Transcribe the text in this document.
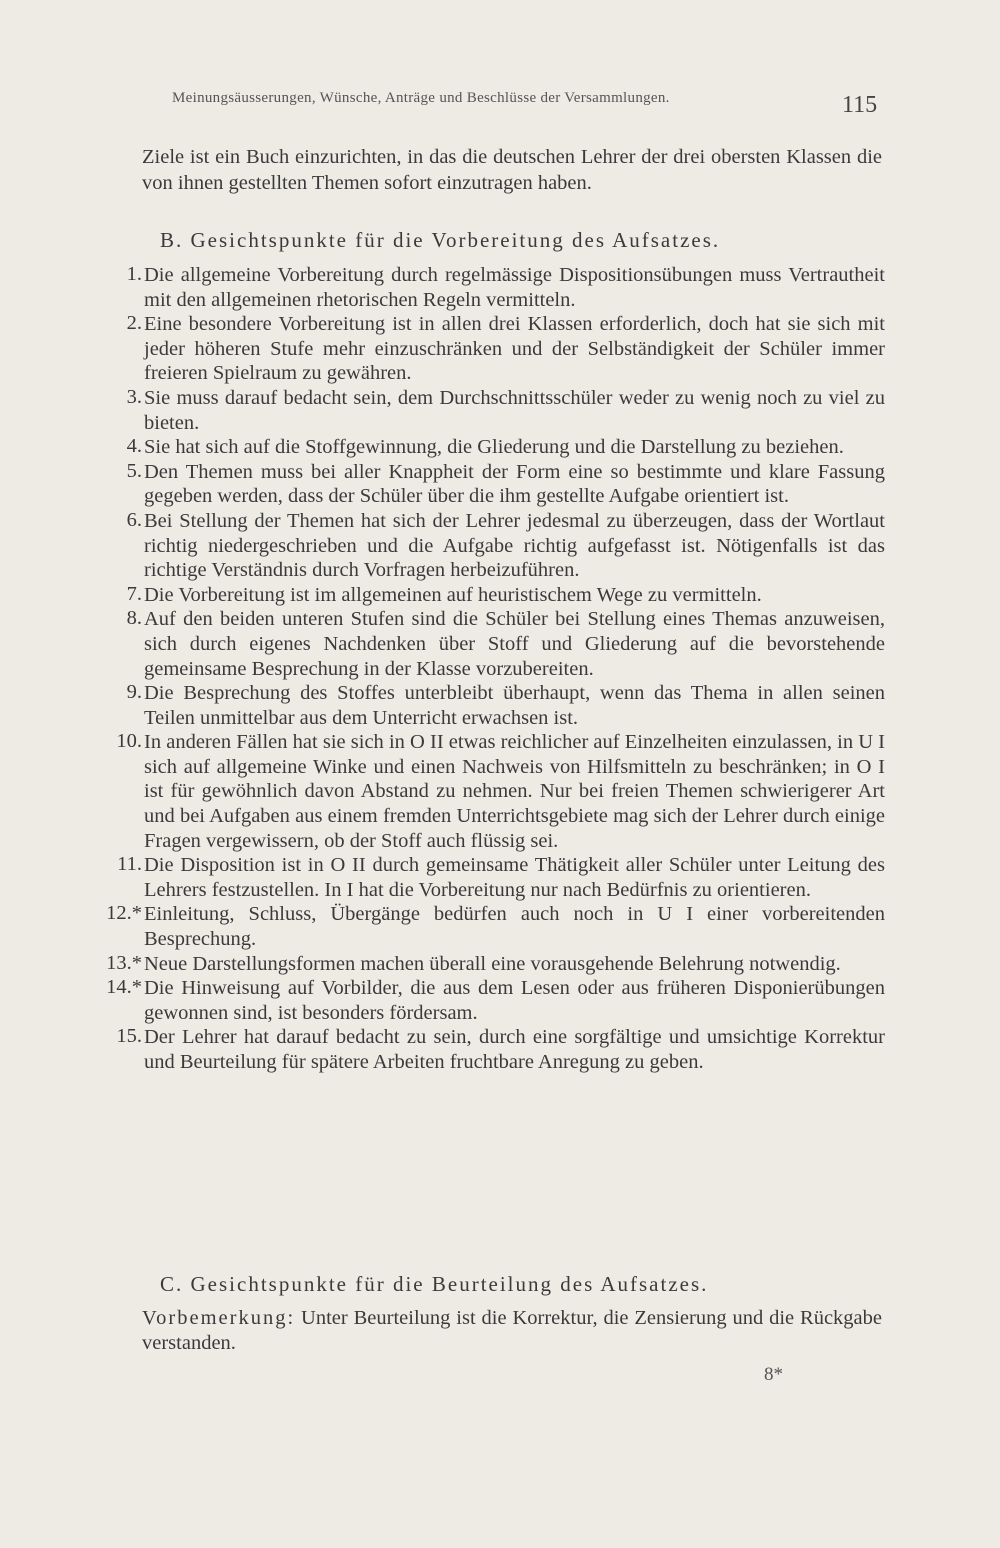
Meinungsäusserungen, Wünsche, Anträge und Beschlüsse der Versammlungen.	115
Ziele ist ein Buch einzurichten, in das die deutschen Lehrer der drei obersten Klassen die von ihnen gestellten Themen sofort einzutragen haben.
B. Gesichtspunkte für die Vorbereitung des Aufsatzes.
1. Die allgemeine Vorbereitung durch regelmässige Dispositionsübungen muss Vertrautheit mit den allgemeinen rhetorischen Regeln vermitteln.
2. Eine besondere Vorbereitung ist in allen drei Klassen erforderlich, doch hat sie sich mit jeder höheren Stufe mehr einzuschränken und der Selbständigkeit der Schüler immer freieren Spielraum zu gewähren.
3. Sie muss darauf bedacht sein, dem Durchschnittsschüler weder zu wenig noch zu viel zu bieten.
4. Sie hat sich auf die Stoffgewinnung, die Gliederung und die Darstellung zu beziehen.
5. Den Themen muss bei aller Knappheit der Form eine so bestimmte und klare Fassung gegeben werden, dass der Schüler über die ihm gestellte Aufgabe orientiert ist.
6. Bei Stellung der Themen hat sich der Lehrer jedesmal zu überzeugen, dass der Wortlaut richtig niedergeschrieben und die Aufgabe richtig aufgefasst ist. Nötigenfalls ist das richtige Verständnis durch Vorfragen herbeizuführen.
7. Die Vorbereitung ist im allgemeinen auf heuristischem Wege zu vermitteln.
8. Auf den beiden unteren Stufen sind die Schüler bei Stellung eines Themas anzuweisen, sich durch eigenes Nachdenken über Stoff und Gliederung auf die bevorstehende gemeinsame Besprechung in der Klasse vorzubereiten.
9. Die Besprechung des Stoffes unterbleibt überhaupt, wenn das Thema in allen seinen Teilen unmittelbar aus dem Unterricht erwachsen ist.
10. In anderen Fällen hat sie sich in O II etwas reichlicher auf Einzelheiten einzulassen, in U I sich auf allgemeine Winke und einen Nachweis von Hilfsmitteln zu beschränken; in O I ist für gewöhnlich davon Abstand zu nehmen. Nur bei freien Themen schwierigerer Art und bei Aufgaben aus einem fremden Unterrichtsgebiete mag sich der Lehrer durch einige Fragen vergewissern, ob der Stoff auch flüssig sei.
11. Die Disposition ist in O II durch gemeinsame Thätigkeit aller Schüler unter Leitung des Lehrers festzustellen. In I hat die Vorbereitung nur nach Bedürfnis zu orientieren.
12.* Einleitung, Schluss, Übergänge bedürfen auch noch in U I einer vorbereitenden Besprechung.
13.* Neue Darstellungsformen machen überall eine vorausgehende Belehrung notwendig.
14.* Die Hinweisung auf Vorbilder, die aus dem Lesen oder aus früheren Disponierübungen gewonnen sind, ist besonders fördersam.
15. Der Lehrer hat darauf bedacht zu sein, durch eine sorgfältige und umsichtige Korrektur und Beurteilung für spätere Arbeiten fruchtbare Anregung zu geben.
C. Gesichtspunkte für die Beurteilung des Aufsatzes.
Vorbemerkung: Unter Beurteilung ist die Korrektur, die Zensierung und die Rückgabe verstanden.
8*
